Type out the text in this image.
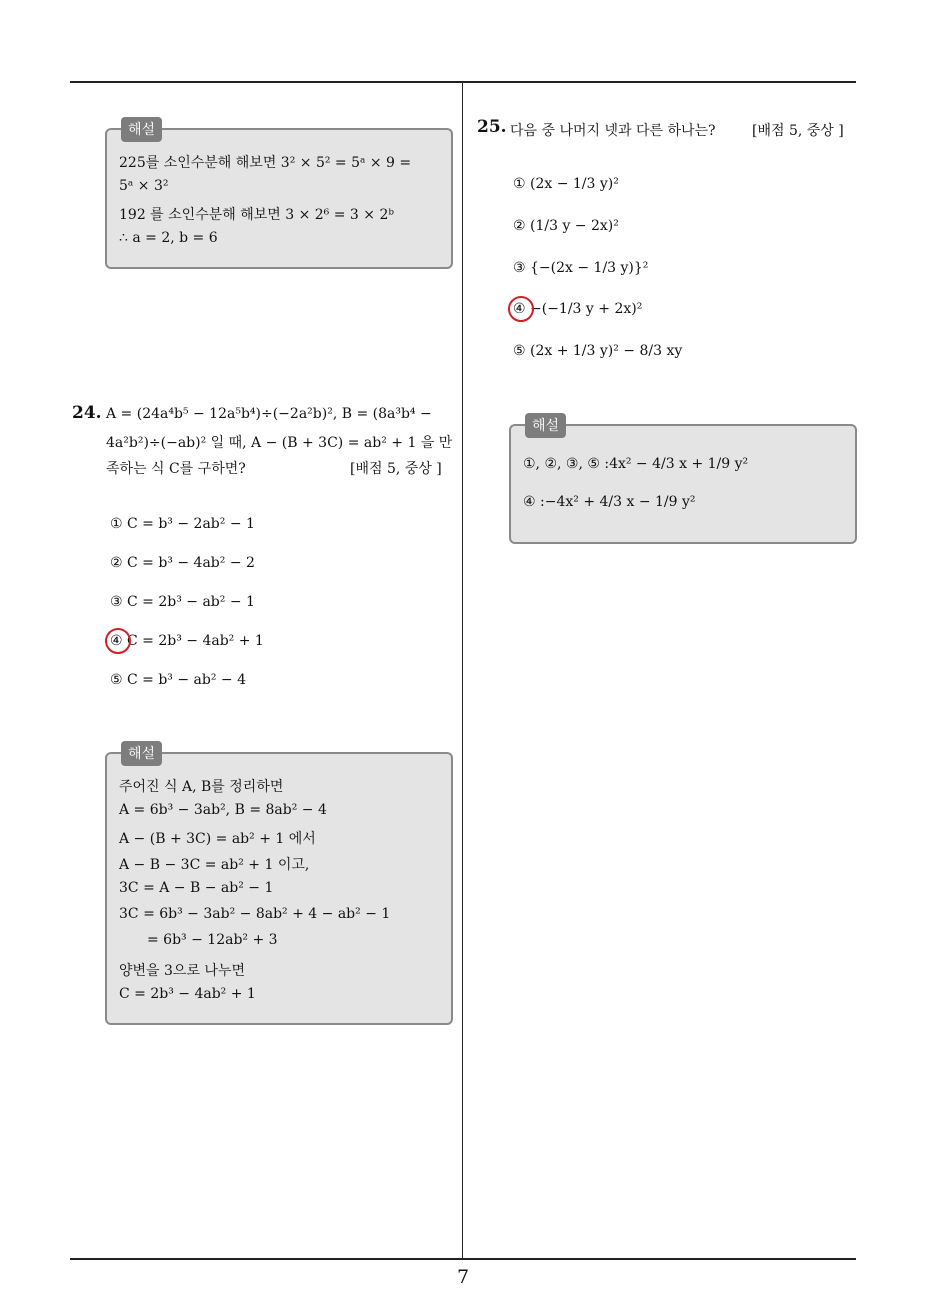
해설
225를 소인수분해 해보면 3² × 5² = 5ᵃ × 9 =
5ᵃ × 3²
192 를 소인수분해 해보면 3 × 2⁶ = 3 × 2ᵇ
∴ a = 2, b = 6
24. A = (24a⁴b⁵ − 12a⁵b⁴)÷(−2a²b)², B = (8a³b⁴ −
4a²b²)÷(−ab)² 일 때, A − (B + 3C) = ab² + 1 을 만
족하는 식 C를 구하면?	[배점 5, 중상 ]
① C = b³ − 2ab² − 1
② C = b³ − 4ab² − 2
③ C = 2b³ − ab² − 1
④ C = 2b³ − 4ab² + 1
⑤ C = b³ − ab² − 4
해설
주어진 식 A, B를 정리하면
A = 6b³ − 3ab², B = 8ab² − 4
A − (B + 3C) = ab² + 1 에서
A − B − 3C = ab² + 1 이고,
3C = A − B − ab² − 1
3C = 6b³ − 3ab² − 8ab² + 4 − ab² − 1
= 6b³ − 12ab² + 3
양변을 3으로 나누면
C = 2b³ − 4ab² + 1
25. 다음 중 나머지 넷과 다른 하나는?	[배점 5, 중상 ]
① (2x − 1/3 y)²
② (1/3 y − 2x)²
③ {−(2x − 1/3 y)}²
④ −(−1/3 y + 2x)²
⑤ (2x + 1/3 y)² − 8/3 xy
해설
①, ②, ③, ⑤ :4x² − 4/3 x + 1/9 y²
④ :−4x² + 4/3 x − 1/9 y²
7
